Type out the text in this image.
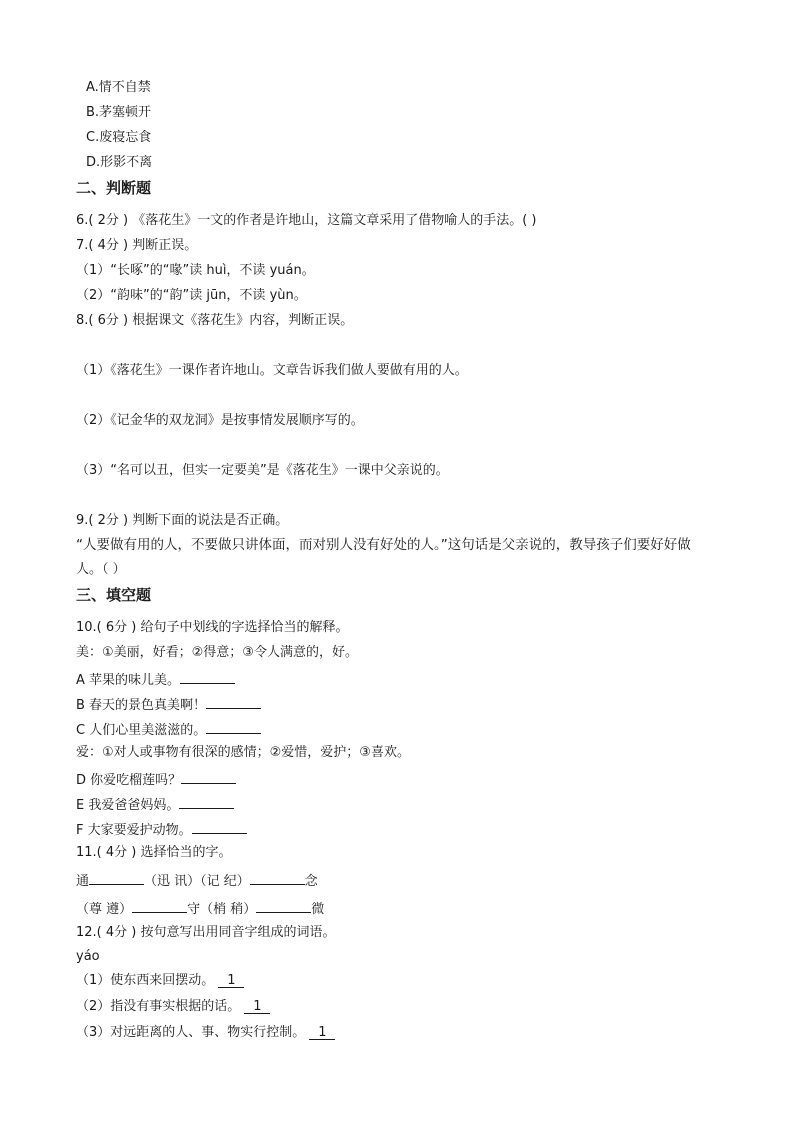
A.情不自禁
B.茅塞顿开
C.废寝忘食
D.形影不离
二、判断题
6.( 2分 ) 《落花生》一文的作者是许地山，这篇文章采用了借物喻人的手法。( )
7.( 4分 ) 判断正误。
（1）“长啄”的“喙”读 huì，不读 yuán。
（2）“韵味”的“韵”读 jūn，不读 yùn。
8.( 6分 ) 根据课文《落花生》内容，判断正误。
（1）《落花生》一课作者许地山。文章告诉我们做人要做有用的人。
（2）《记金华的双龙洞》是按事情发展顺序写的。
（3）“名可以丑，但实一定要美”是《落花生》一课中父亲说的。
9.( 2分 ) 判断下面的说法是否正确。
“人要做有用的人，不要做只讲体面，而对别人没有好处的人。”这句话是父亲说的，教导孩子们要好好做
人。（ ）
三、填空题
10.( 6分 ) 给句子中划线的字选择恰当的解释。
美：①美丽，好看；②得意；③令人满意的，好。
A 苹果的味儿美。
B 春天的景色真美啊！
C 人们心里美滋滋的。
爱：①对人或事物有很深的感情；②爱惜，爱护；③喜欢。
D 你爱吃榴莲吗？
E 我爱爸爸妈妈。
F 大家要爱护动物。
11.( 4分 ) 选择恰当的字。
通	（迅 讯）（记 纪）	念
（尊 遵）	守（梢 稍）	微
12.( 4分 ) 按句意写出用同音字组成的词语。
yáo
（1）使东西来回摆动。 1
（2）指没有事实根据的话。 1
（3）对远距离的人、事、物实行控制。 1
